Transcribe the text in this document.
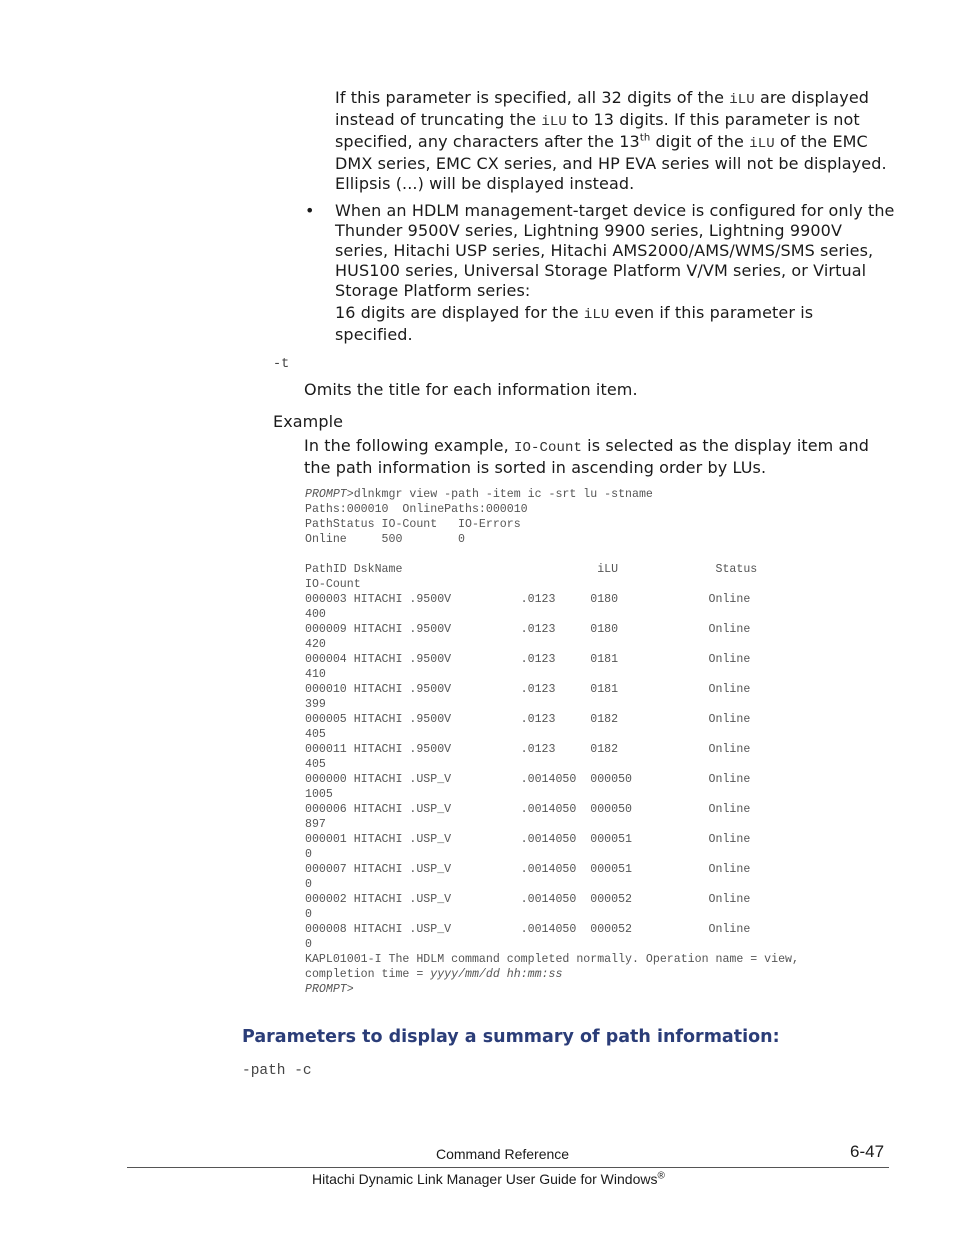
If this parameter is specified, all 32 digits of the iLU are displayed instead of truncating the iLU to 13 digits. If this parameter is not specified, any characters after the 13th digit of the iLU of the EMC DMX series, EMC CX series, and HP EVA series will not be displayed. Ellipsis (...) will be displayed instead.
• When an HDLM management-target device is configured for only the Thunder 9500V series, Lightning 9900 series, Lightning 9900V series, Hitachi USP series, Hitachi AMS2000/AMS/WMS/SMS series, HUS100 series, Universal Storage Platform V/VM series, or Virtual Storage Platform series:
16 digits are displayed for the iLU even if this parameter is specified.
-t
Omits the title for each information item.
Example
In the following example, IO-Count is selected as the display item and the path information is sorted in ascending order by LUs.
PROMPT>dlnkmgr view -path -item ic -srt lu -stname
Paths:000010  OnlinePaths:000010
PathStatus IO-Count   IO-Errors
Online     500        0

PathID DskName                            iLU              Status
IO-Count
000003 HITACHI .9500V          .0123     0180             Online
400
000009 HITACHI .9500V          .0123     0180             Online
420
000004 HITACHI .9500V          .0123     0181             Online
410
000010 HITACHI .9500V          .0123     0181             Online
399
000005 HITACHI .9500V          .0123     0182             Online
405
000011 HITACHI .9500V          .0123     0182             Online
405
000000 HITACHI .USP_V          .0014050  000050           Online
1005
000006 HITACHI .USP_V          .0014050  000050           Online
897
000001 HITACHI .USP_V          .0014050  000051           Online
0
000007 HITACHI .USP_V          .0014050  000051           Online
0
000002 HITACHI .USP_V          .0014050  000052           Online
0
000008 HITACHI .USP_V          .0014050  000052           Online
0
KAPL01001-I The HDLM command completed normally. Operation name = view,
completion time = yyyy/mm/dd hh:mm:ss
PROMPT>
Parameters to display a summary of path information:
-path -c
Command Reference	6-47
Hitachi Dynamic Link Manager User Guide for Windows®
